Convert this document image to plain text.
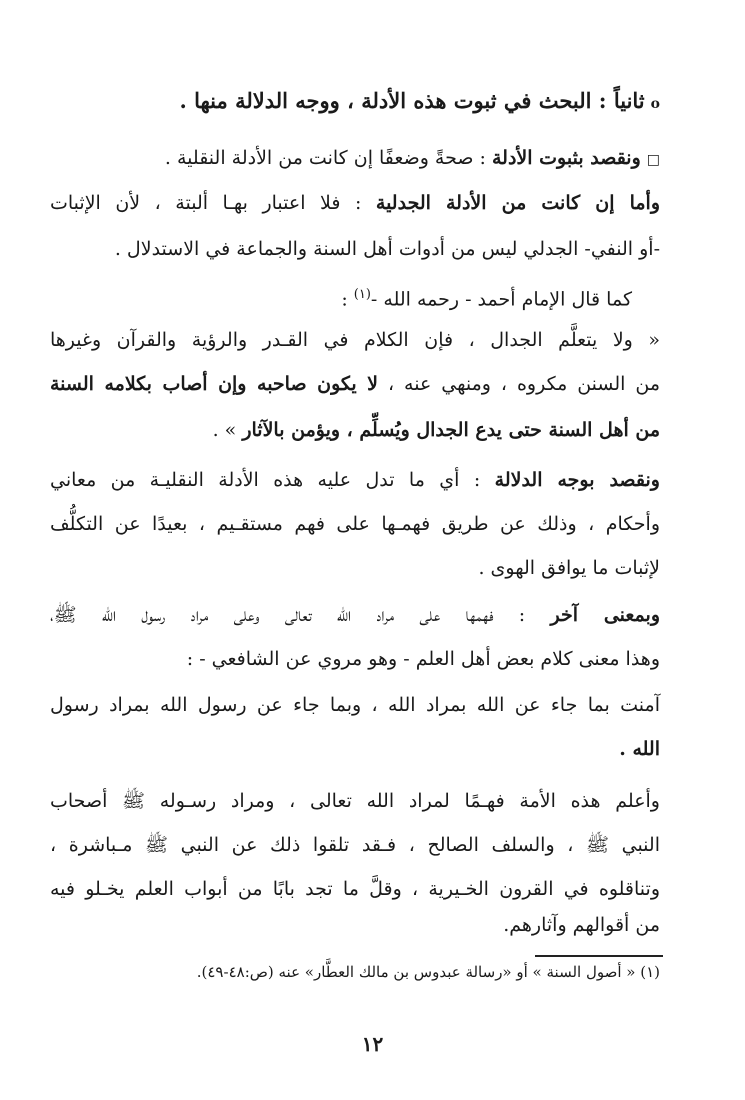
oثانياً : البحث في ثبوت هذه الأدلة ، ووجه الدلالة منها .
□ونقصد بثبوت الأدلة : صحةً وضعفًا إن كانت من الأدلة النقلية .
وأما إن كانت من الأدلة الجدلية : فلا اعتبار بهـا ألبتة ، لأن الإثبات
-أو النفي- الجدلي ليس من أدوات أهل السنة والجماعة في الاستدلال .
كما قال الإمام أحمد - رحمه الله -$^{(١)}$ :
« ولا يتعلَّم الجدال ، فإن الكلام في القـدر والرؤية والقرآن وغيرها
من السنن مكروه ، ومنهي عنه ، لا يكون صاحبه وإن أصاب بكلامه السنة
من أهل السنة حتى يدع الجدال ويُسلِّم ، ويؤمن بالآثار » .
ونقصد بوجه الدلالة : أي ما تدل عليه هذه الأدلة النقليـة من معاني
وأحكام ، وذلك عن طريق فهمـها على فهم مستقـيم ، بعيدًا عن التكلُّف
لإثبات ما يوافق الهوى .
وبمعنى آخر : فهمها على مراد الله تعالى وعلى مراد رسول الله ﷺ،
وهذا معنى كلام بعض أهل العلم - وهو مروي عن الشافعي - :
آمنت بما جاء عن الله بمراد الله ، وبما جاء عن رسول الله بمراد رسول
الله .
وأعلم هذه الأمة فهـمًا لمراد الله تعالى ، ومراد رسـوله ﷺ أصحاب
النبي ﷺ ، والسلف الصالح ، فـقد تلقوا ذلك عن النبي ﷺ مـباشرة ،
وتناقلوه في القرون الخـيرية ، وقلَّ ما تجد بابًا من أبواب العلم يخـلو فيه
من أقوالهم وآثارهم.
(١) « أصول السنة » أو «رسالة عبدوس بن مالك العطَّار» عنه (ص:٤٨-٤٩).
١٢
